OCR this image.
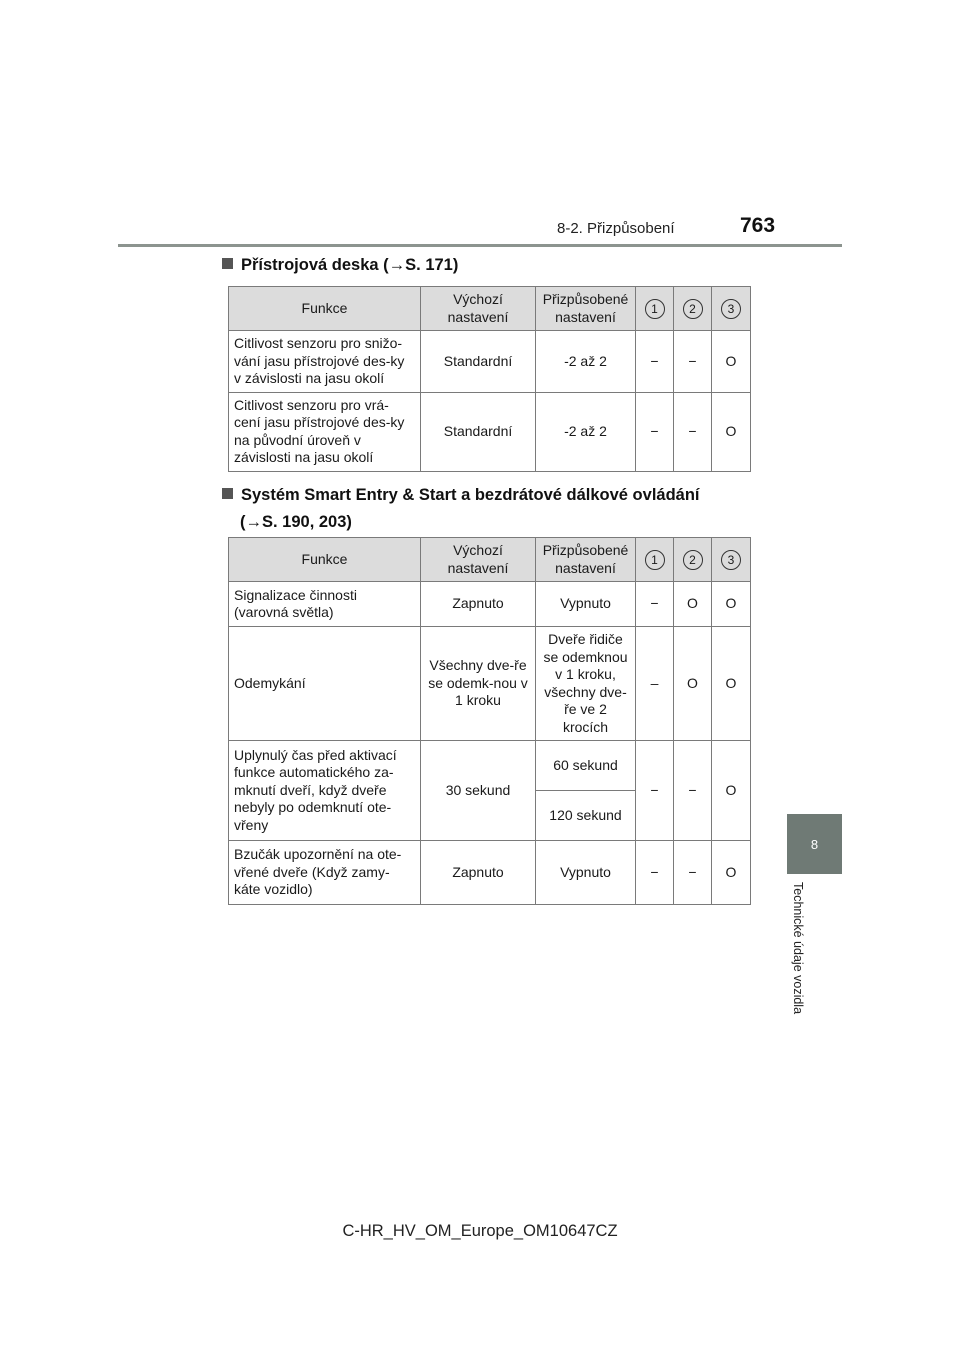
8-2. Přizpůsobení	763
8
Technické údaje vozidla
Přístrojová deska (→S. 171)
Funkce	Výchozí nastavení	Přizpůsobené nastavení	1	2	3
Citlivost senzoru pro snižo-vání jasu přístrojové des-ky v závislosti na jasu okolí	Standardní	-2 až 2	−	−	O
Citlivost senzoru pro vrá-cení jasu přístrojové des-ky na původní úroveň v závislosti na jasu okolí	Standardní	-2 až 2	−	−	O
Systém Smart Entry & Start a bezdrátové dálkové ovládání
(→S. 190, 203)
Funkce	Výchozí nastavení	Přizpůsobené nastavení	1	2	3
Signalizace činnosti (varovná světla)	Zapnuto	Vypnuto	−	O	O
Odemykání	Všechny dve-ře se odemk-nou v 1 kroku	Dveře řidiče se odemknou v 1 kroku, všechny dve-ře ve 2 krocích	–	O	O
Uplynulý čas před aktivací funkce automatického za-mknutí dveří, když dveře nebyly po odemknutí ote-vřeny	30 sekund	60 sekund	−	−	O
		120 sekund			
Bzučák upozornění na ote-vřené dveře (Když zamy-káte vozidlo)	Zapnuto	Vypnuto	−	−	O
C-HR_HV_OM_Europe_OM10647CZ
